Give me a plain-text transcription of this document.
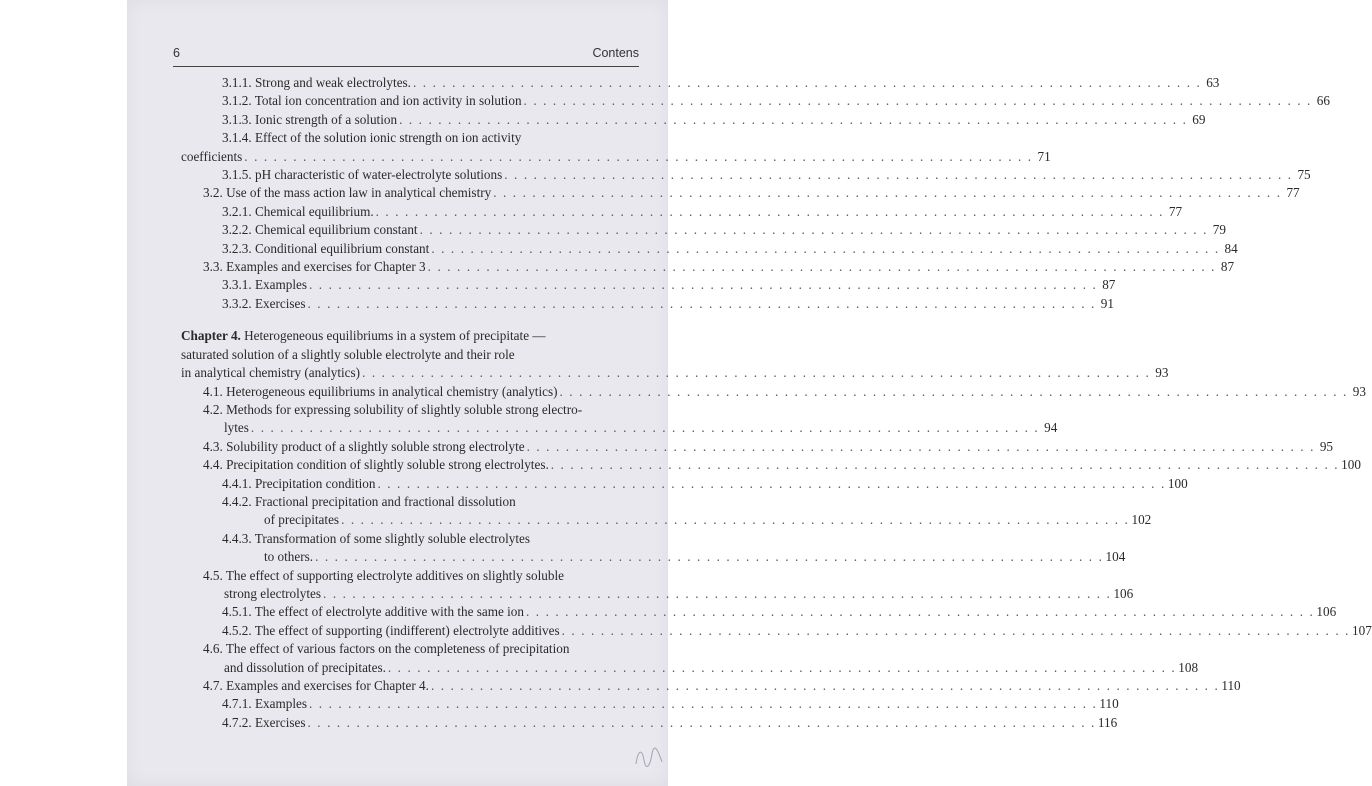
6	Contens
3.1.1. Strong and weak electrolytes. . . . . . . . . . . . . . . . . . . . . . . . . . . . . . . . . . . . . . . . . . . . . . . . . . . . . . . . . . . . . . . . . . . . . . . . . . . . . . . . . . 63
3.1.2. Total ion concentration and ion activity in solution . . . . . . . . . . . . . . . . . . . . . . . . . . . . . . . . . . . . . . . . . . . . . . . . . . . . . . . . . . . . . . . . . . . . . . . . . . . . . . . . . 66
3.1.3. Ionic strength of a solution . . . . . . . . . . . . . . . . . . . . . . . . . . . . . . . . . . . . . . . . . . . . . . . . . . . . . . . . . . . . . . . . . . . . . . . . . . . . . . . . . 69
3.1.4. Effect of the solution ionic strength on ion activity
coefficients . . . . . . . . . . . . . . . . . . . . . . . . . . . . . . . . . . . . . . . . . . . . . . . . . . . . . . . . . . . . . . . . . . . . . . . . . . . . . . . . . 71
3.1.5. pH characteristic of water-electrolyte solutions . . . . . . . . . . . . . . . . . . . . . . . . . . . . . . . . . . . . . . . . . . . . . . . . . . . . . . . . . . . . . . . . . . . . . . . . . . . . . . . . . 75
3.2. Use of the mass action law in analytical chemistry . . . . . . . . . . . . . . . . . . . . . . . . . . . . . . . . . . . . . . . . . . . . . . . . . . . . . . . . . . . . . . . . . . . . . . . . . . . . . . . . . 77
3.2.1. Chemical equilibrium. . . . . . . . . . . . . . . . . . . . . . . . . . . . . . . . . . . . . . . . . . . . . . . . . . . . . . . . . . . . . . . . . . . . . . . . . . . . . . . . . . 77
3.2.2. Chemical equilibrium constant . . . . . . . . . . . . . . . . . . . . . . . . . . . . . . . . . . . . . . . . . . . . . . . . . . . . . . . . . . . . . . . . . . . . . . . . . . . . . . . . . 79
3.2.3. Conditional equilibrium constant . . . . . . . . . . . . . . . . . . . . . . . . . . . . . . . . . . . . . . . . . . . . . . . . . . . . . . . . . . . . . . . . . . . . . . . . . . . . . . . . . 84
3.3. Examples and exercises for Chapter 3 . . . . . . . . . . . . . . . . . . . . . . . . . . . . . . . . . . . . . . . . . . . . . . . . . . . . . . . . . . . . . . . . . . . . . . . . . . . . . . . . . 87
3.3.1. Examples . . . . . . . . . . . . . . . . . . . . . . . . . . . . . . . . . . . . . . . . . . . . . . . . . . . . . . . . . . . . . . . . . . . . . . . . . . . . . . . . . 87
3.3.2. Exercises . . . . . . . . . . . . . . . . . . . . . . . . . . . . . . . . . . . . . . . . . . . . . . . . . . . . . . . . . . . . . . . . . . . . . . . . . . . . . . . . . 91
Chapter 4. Heterogeneous equilibriums in a system of precipitate —
saturated solution of a slightly soluble electrolyte and their role
in analytical chemistry (analytics) . . . . . . . . . . . . . . . . . . . . . . . . . . . . . . . . . . . . . . . . . . . . . . . . . . . . . . . . . . . . . . . . . . . . . . . . . . . . . . . . . 93
4.1. Heterogeneous equilibriums in analytical chemistry (analytics) . . . . . . . . . . . . . . . . . . . . . . . . . . . . . . . . . . . . . . . . . . . . . . . . . . . . . . . . . . . . . . . . . . . . . . . . . . . . . . . . . 93
4.2. Methods for expressing solubility of slightly soluble strong electro-
lytes . . . . . . . . . . . . . . . . . . . . . . . . . . . . . . . . . . . . . . . . . . . . . . . . . . . . . . . . . . . . . . . . . . . . . . . . . . . . . . . . . 94
4.3. Solubility product of a slightly soluble strong electrolyte . . . . . . . . . . . . . . . . . . . . . . . . . . . . . . . . . . . . . . . . . . . . . . . . . . . . . . . . . . . . . . . . . . . . . . . . . . . . . . . . . 95
4.4. Precipitation condition of slightly soluble strong electrolytes. . . . . . . . . . . . . . . . . . . . . . . . . . . . . . . . . . . . . . . . . . . . . . . . . . . . . . . . . . . . . . . . . . . . . . . . . . . . . . . . . . 100
4.4.1. Precipitation condition . . . . . . . . . . . . . . . . . . . . . . . . . . . . . . . . . . . . . . . . . . . . . . . . . . . . . . . . . . . . . . . . . . . . . . . . . . . . . . . . . 100
4.4.2. Fractional precipitation and fractional dissolution
of precipitates . . . . . . . . . . . . . . . . . . . . . . . . . . . . . . . . . . . . . . . . . . . . . . . . . . . . . . . . . . . . . . . . . . . . . . . . . . . . . . . . . 102
4.4.3. Transformation of some slightly soluble electrolytes
to others. . . . . . . . . . . . . . . . . . . . . . . . . . . . . . . . . . . . . . . . . . . . . . . . . . . . . . . . . . . . . . . . . . . . . . . . . . . . . . . . . . 104
4.5. The effect of supporting electrolyte additives on slightly soluble
strong electrolytes . . . . . . . . . . . . . . . . . . . . . . . . . . . . . . . . . . . . . . . . . . . . . . . . . . . . . . . . . . . . . . . . . . . . . . . . . . . . . . . . . 106
4.5.1. The effect of electrolyte additive with the same ion . . . . . . . . . . . . . . . . . . . . . . . . . . . . . . . . . . . . . . . . . . . . . . . . . . . . . . . . . . . . . . . . . . . . . . . . . . . . . . . . . 106
4.5.2. The effect of supporting (indifferent) electrolyte additives . . . . . . . . . . . . . . . . . . . . . . . . . . . . . . . . . . . . . . . . . . . . . . . . . . . . . . . . . . . . . . . . . . . . . . . . . . . . . . . . . 107
4.6. The effect of various factors on the completeness of precipitation
and dissolution of precipitates. . . . . . . . . . . . . . . . . . . . . . . . . . . . . . . . . . . . . . . . . . . . . . . . . . . . . . . . . . . . . . . . . . . . . . . . . . . . . . . . . . 108
4.7. Examples and exercises for Chapter 4. . . . . . . . . . . . . . . . . . . . . . . . . . . . . . . . . . . . . . . . . . . . . . . . . . . . . . . . . . . . . . . . . . . . . . . . . . . . . . . . . . 110
4.7.1. Examples . . . . . . . . . . . . . . . . . . . . . . . . . . . . . . . . . . . . . . . . . . . . . . . . . . . . . . . . . . . . . . . . . . . . . . . . . . . . . . . . . 110
4.7.2. Exercises . . . . . . . . . . . . . . . . . . . . . . . . . . . . . . . . . . . . . . . . . . . . . . . . . . . . . . . . . . . . . . . . . . . . . . . . . . . . . . . . . 116
